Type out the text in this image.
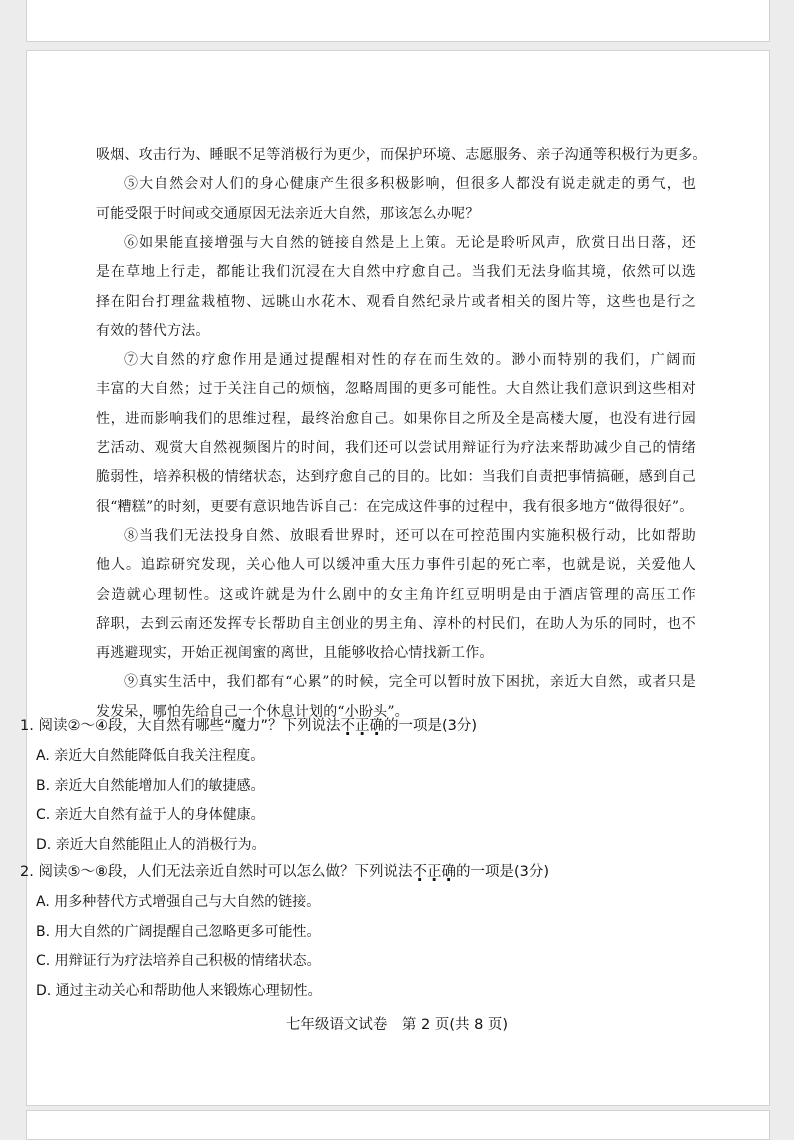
吸烟、攻击行为、睡眠不足等消极行为更少，而保护环境、志愿服务、亲子沟通等积极行为更多。
⑤大自然会对人们的身心健康产生很多积极影响，但很多人都没有说走就走的勇气，也
可能受限于时间或交通原因无法亲近大自然，那该怎么办呢？
⑥如果能直接增强与大自然的链接自然是上上策。无论是聆听风声，欣赏日出日落，还
是在草地上行走，都能让我们沉浸在大自然中疗愈自己。当我们无法身临其境，依然可以选
择在阳台打理盆栽植物、远眺山水花木、观看自然纪录片或者相关的图片等，这些也是行之
有效的替代方法。
⑦大自然的疗愈作用是通过提醒相对性的存在而生效的。渺小而特别的我们，广阔而
丰富的大自然；过于关注自己的烦恼，忽略周围的更多可能性。大自然让我们意识到这些相对
性，进而影响我们的思维过程，最终治愈自己。如果你目之所及全是高楼大厦，也没有进行园
艺活动、观赏大自然视频图片的时间，我们还可以尝试用辩证行为疗法来帮助减少自己的情绪
脆弱性，培养积极的情绪状态，达到疗愈自己的目的。比如：当我们自责把事情搞砸，感到自己
很“糟糕”的时刻，更要有意识地告诉自己：在完成这件事的过程中，我有很多地方“做得很好”。
⑧当我们无法投身自然、放眼看世界时，还可以在可控范围内实施积极行动，比如帮助
他人。追踪研究发现，关心他人可以缓冲重大压力事件引起的死亡率，也就是说，关爱他人
会造就心理韧性。这或许就是为什么剧中的女主角许红豆明明是由于酒店管理的高压工作
辞职，去到云南还发挥专长帮助自主创业的男主角、淳朴的村民们，在助人为乐的同时，也不
再逃避现实，开始正视闺蜜的离世，且能够收拾心情找新工作。
⑨真实生活中，我们都有“心累”的时候，完全可以暂时放下困扰，亲近大自然，或者只是
发发呆，哪怕先给自己一个休息计划的“小盼头”。
1. 阅读②～④段，大自然有哪些“魔力”？下列说法不正确的一项是(3分)
A. 亲近大自然能降低自我关注程度。
B. 亲近大自然能增加人们的敏捷感。
C. 亲近大自然有益于人的身体健康。
D. 亲近大自然能阻止人的消极行为。
2. 阅读⑤～⑧段，人们无法亲近自然时可以怎么做？下列说法不正确的一项是(3分)
A. 用多种替代方式增强自己与大自然的链接。
B. 用大自然的广阔提醒自己忽略更多可能性。
C. 用辩证行为疗法培养自己积极的情绪状态。
D. 通过主动关心和帮助他人来锻炼心理韧性。
七年级语文试卷　第 2 页(共 8 页)
